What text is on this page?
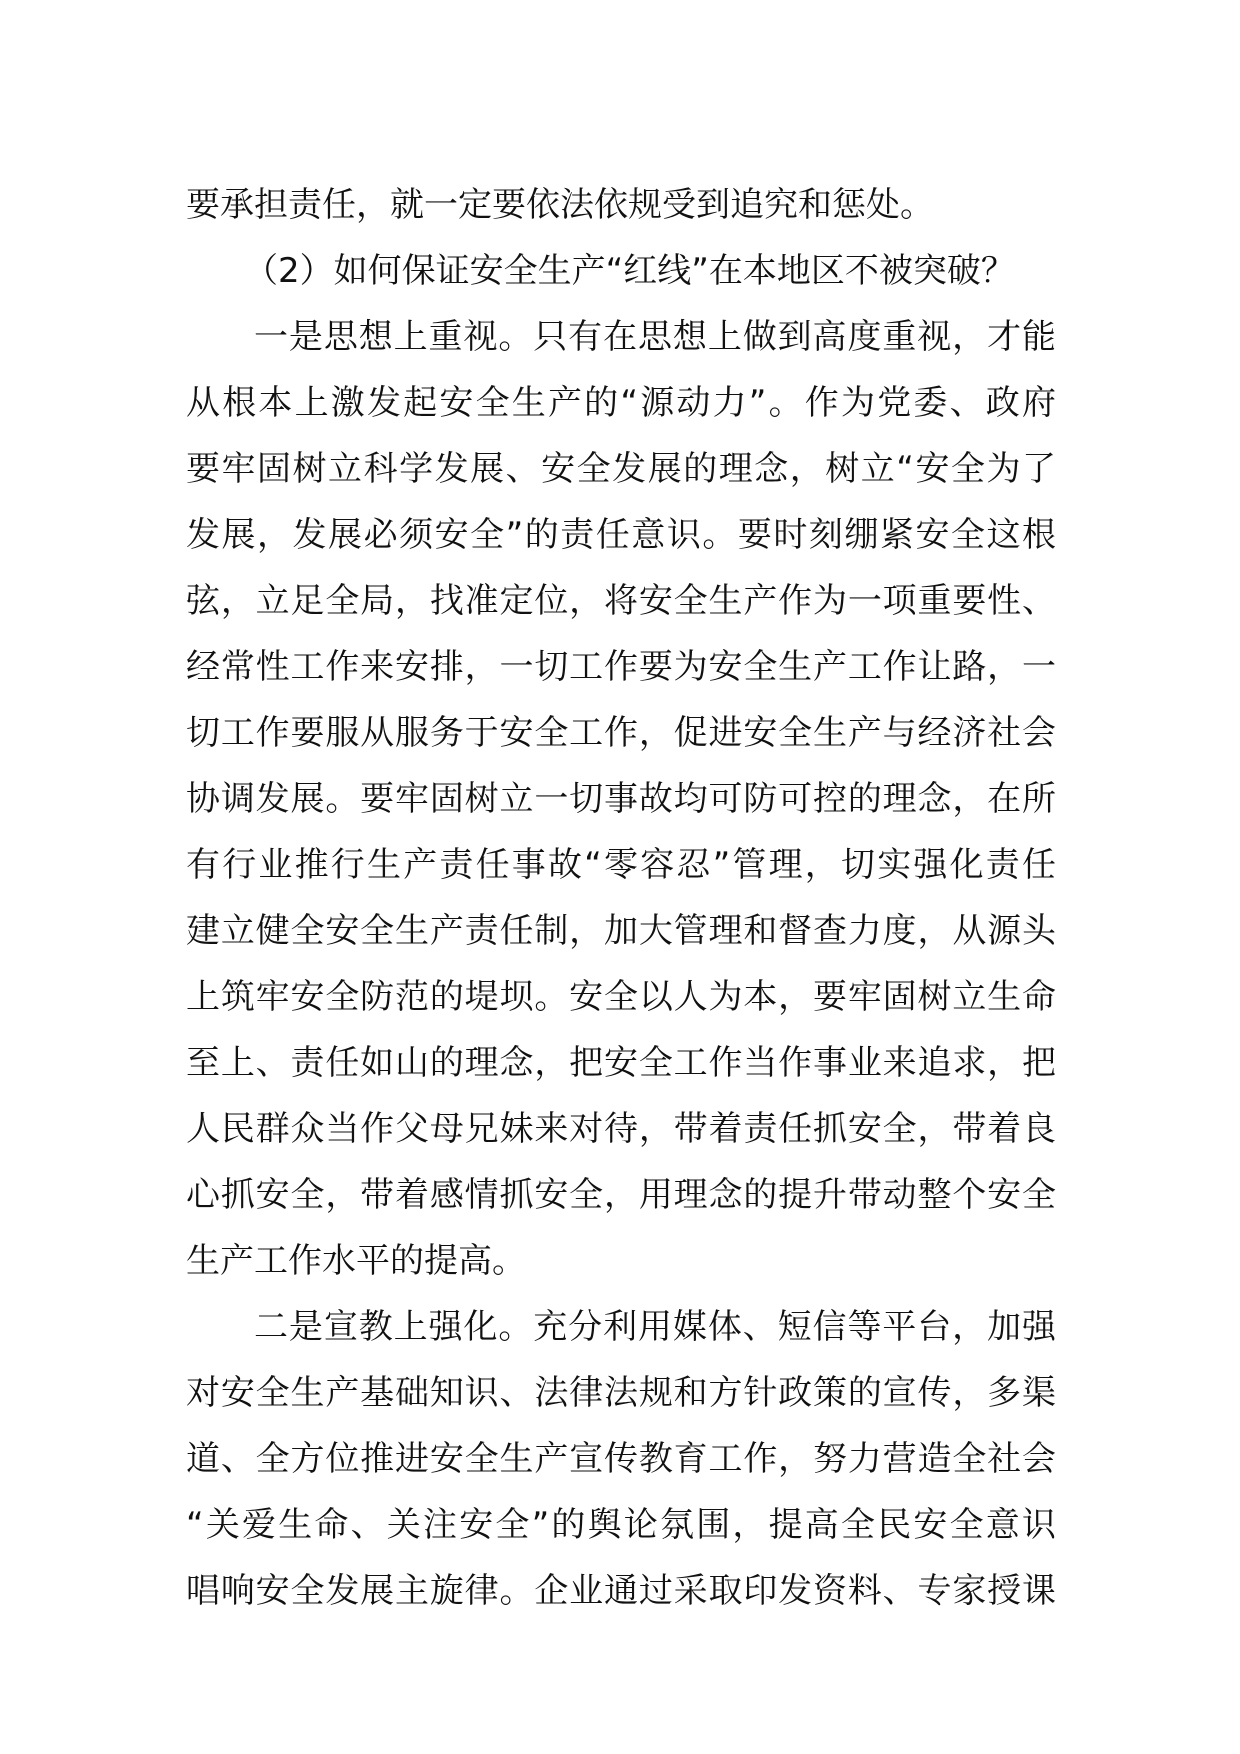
要承担责任，就一定要依法依规受到追究和惩处。
（2）如何保证安全生产“红线”在本地区不被突破？
一是思想上重视。只有在思想上做到高度重视，才能
从根本上激发起安全生产的“源动力”。作为党委、政府
要牢固树立科学发展、安全发展的理念，树立“安全为了
发展，发展必须安全”的责任意识。要时刻绷紧安全这根
弦，立足全局，找准定位，将安全生产作为一项重要性、
经常性工作来安排，一切工作要为安全生产工作让路，一
切工作要服从服务于安全工作，促进安全生产与经济社会
协调发展。要牢固树立一切事故均可防可控的理念，在所
有行业推行生产责任事故“零容忍”管理，切实强化责任
建立健全安全生产责任制，加大管理和督查力度，从源头
上筑牢安全防范的堤坝。安全以人为本，要牢固树立生命
至上、责任如山的理念，把安全工作当作事业来追求，把
人民群众当作父母兄妹来对待，带着责任抓安全，带着良
心抓安全，带着感情抓安全，用理念的提升带动整个安全
生产工作水平的提高。
二是宣教上强化。充分利用媒体、短信等平台，加强
对安全生产基础知识、法律法规和方针政策的宣传，多渠
道、全方位推进安全生产宣传教育工作，努力营造全社会
“关爱生命、关注安全”的舆论氛围，提高全民安全意识
唱响安全发展主旋律。企业通过采取印发资料、专家授课
